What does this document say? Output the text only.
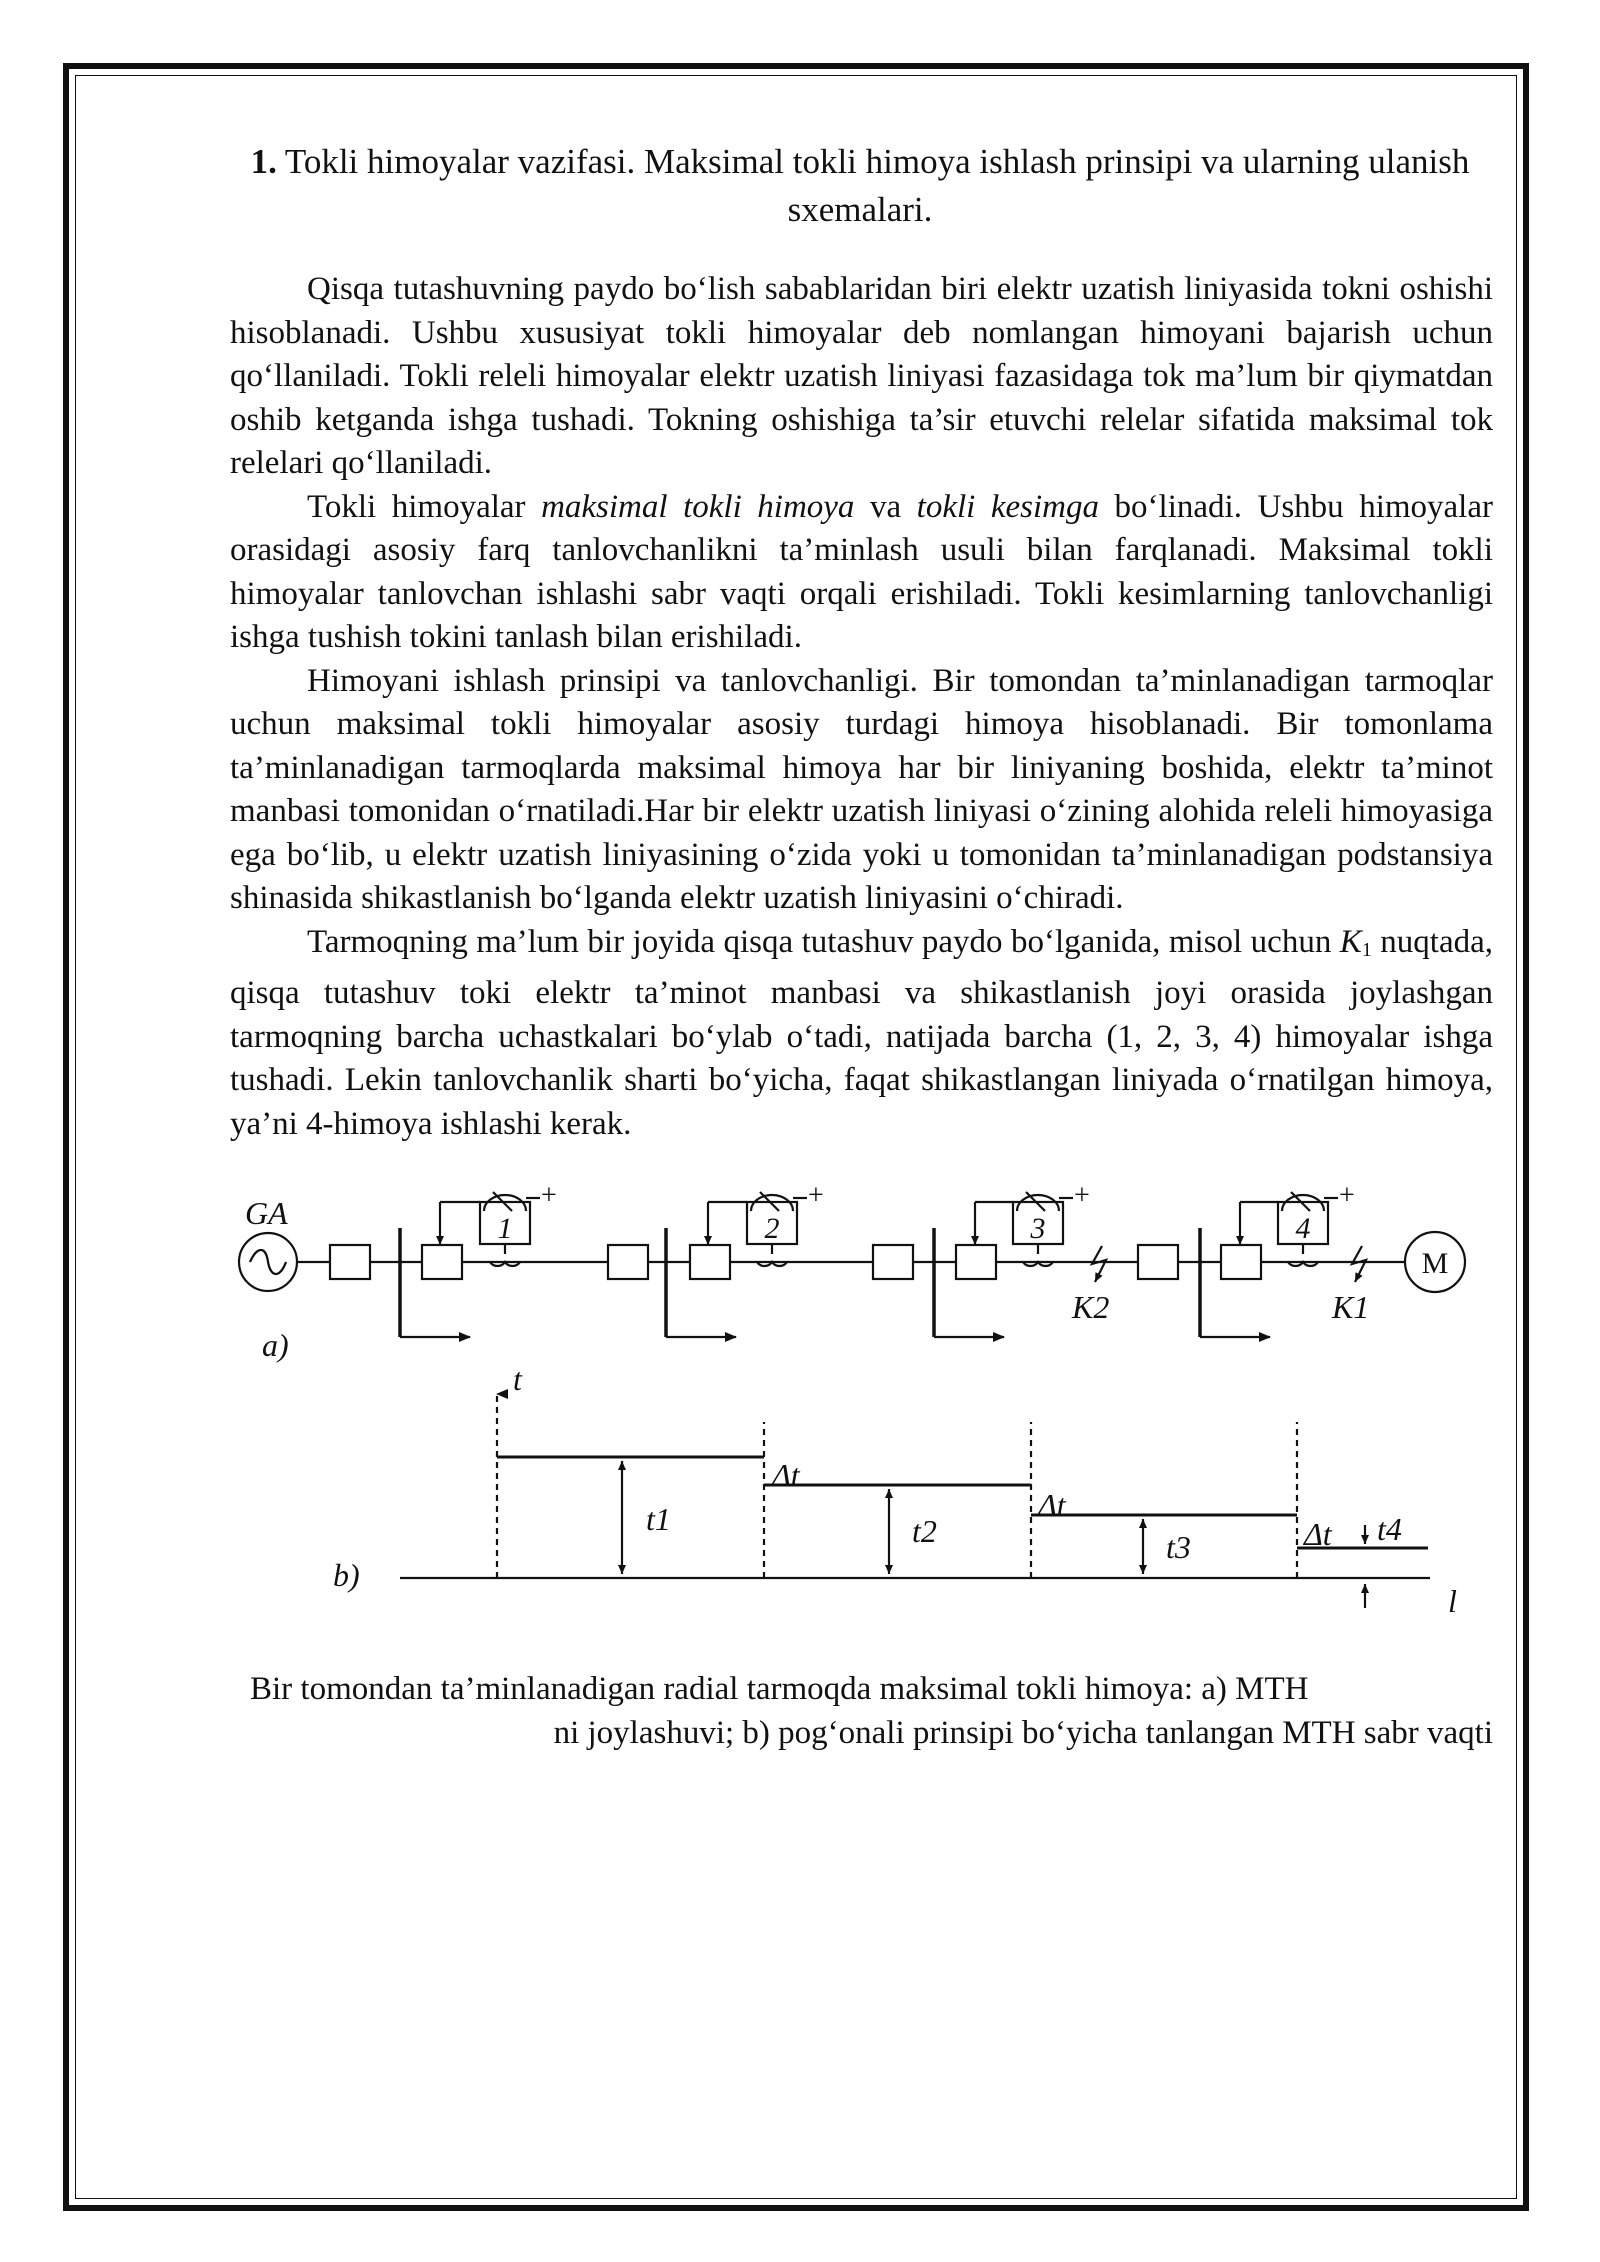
1. Tokli himoyalar vazifasi. Maksimal tokli himoya ishlash prinsipi va ularning ulanish sxemalari.

Qisqa tutashuvning paydo bo‘lish sabablaridan biri elektr uzatish liniyasida tokni oshishi hisoblanadi. Ushbu xususiyat tokli himoyalar deb nomlangan himoyani bajarish uchun qo‘llaniladi. Tokli releli himoyalar elektr uzatish liniyasi fazasidaga tok ma’lum bir qiymatdan oshib ketganda ishga tushadi. Tokning oshishiga ta’sir etuvchi relelar sifatida maksimal tok relelari qo‘llaniladi.

Tokli himoyalar maksimal tokli himoya va tokli kesimga bo‘linadi. Ushbu himoyalar orasidagi asosiy farq tanlovchanlikni ta’minlash usuli bilan farqlanadi. Maksimal tokli himoyalar tanlovchan ishlashi sabr vaqti orqali erishiladi. Tokli kesimlarning tanlovchanligi ishga tushish tokini tanlash bilan erishiladi.

Himoyani ishlash prinsipi va tanlovchanligi. Bir tomondan ta’minlanadigan tarmoqlar uchun maksimal tokli himoyalar asosiy turdagi himoya hisoblanadi. Bir tomonlama ta’minlanadigan tarmoqlarda maksimal himoya har bir liniyaning boshida, elektr ta’minot manbasi tomonidan o‘rnatiladi.Har bir elektr uzatish liniyasi o‘zining alohida releli himoyasiga ega bo‘lib, u elektr uzatish liniyasining o‘zida yoki u tomonidan ta’minlanadigan podstansiya shinasida shikastlanish bo‘lganda elektr uzatish liniyasini o‘chiradi.

Tarmoqning ma’lum bir joyida qisqa tutashuv paydo bo‘lganida, misol uchun $K_1$ nuqtada, qisqa tutashuv toki elektr ta’minot manbasi va shikastlanish joyi orasida joylashgan tarmoqning barcha uchastkalari bo‘ylab o‘tadi, natijada barcha (1, 2, 3, 4) himoyalar ishga tushadi. Lekin tanlovchanlik sharti bo‘yicha, faqat shikastlangan liniyada o‘rnatilgan himoya, ya’ni 4-himoya ishlashi kerak.

GA
M
1	2	3	4
+	+	+	+
K2	K1
a)
t
l
t1	t2	t3	t4
Δt
Δt
Δt
b)
Bir tomondan ta’minlanadigan radial tarmoqda maksimal tokli himoya: a) MTH
ni joylashuvi; b) pog‘onali prinsipi bo‘yicha tanlangan MTH sabr vaqti
